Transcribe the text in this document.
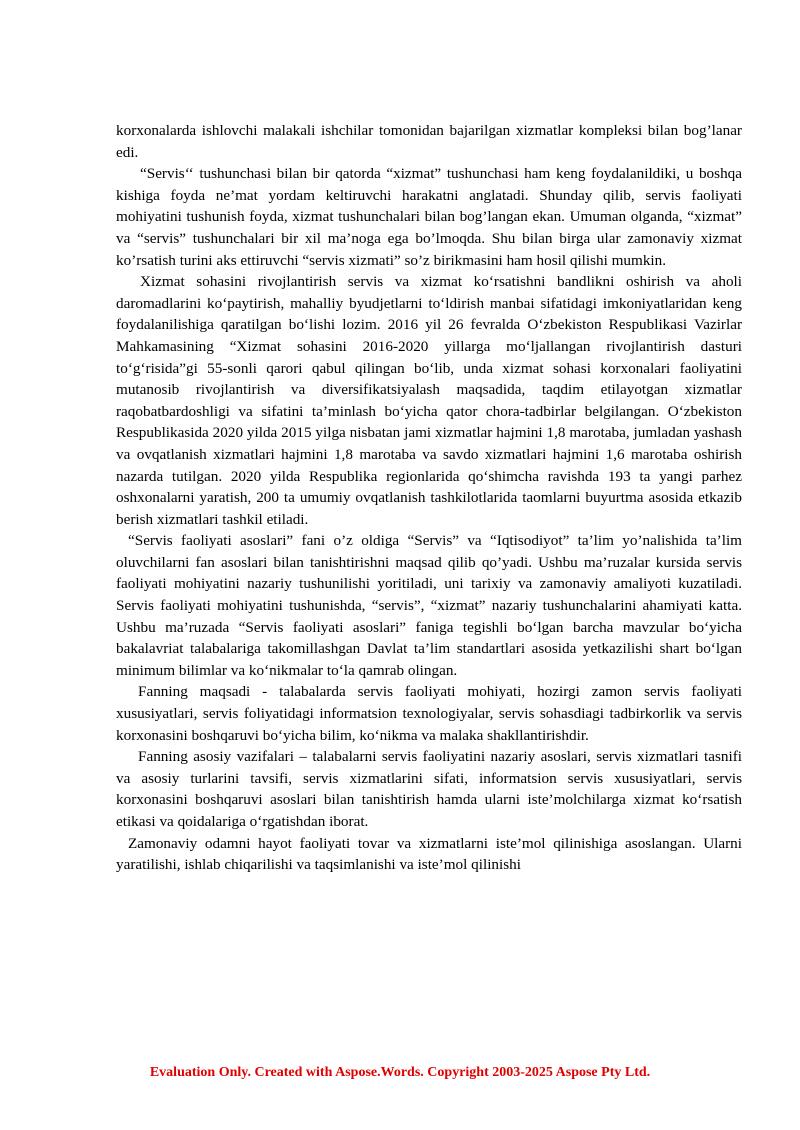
korxonalarda ishlovchi malakali ishchilar tomonidan bajarilgan xizmatlar kompleksi bilan bog’lanar edi.

“Servis‘‘ tushunchasi bilan bir qatorda “xizmat” tushunchasi ham keng foydalanildiki, u boshqa kishiga foyda ne’mat yordam keltiruvchi harakatni anglatadi. Shunday qilib, servis faoliyati mohiyatini tushunish foyda, xizmat tushunchalari bilan bog’langan ekan. Umuman olganda, “xizmat” va “servis” tushunchalari bir xil ma’noga ega bo’lmoqda. Shu bilan birga ular zamonaviy xizmat ko’rsatish turini aks ettiruvchi “servis xizmati” so’z birikmasini ham hosil qilishi mumkin.

Xizmat sohasini rivojlantirish servis va xizmat ko‘rsatishni bandlikni oshirish va aholi daromadlarini ko‘paytirish, mahalliy byudjetlarni to‘ldirish manbai sifatidagi imkoniyatlaridan keng foydalanilishiga qaratilgan bo‘lishi lozim. 2016 yil 26 fevralda O‘zbekiston Respublikasi Vazirlar Mahkamasining “Xizmat sohasini 2016-2020 yillarga mo‘ljallangan rivojlantirish dasturi to‘g‘risida”gi 55-sonli qarori qabul qilingan bo‘lib, unda xizmat sohasi korxonalari faoliyatini mutanosib rivojlantirish va diversifikatsiyalash maqsadida, taqdim etilayotgan xizmatlar raqobatbardoshligi va sifatini ta’minlash bo‘yicha qator chora-tadbirlar belgilangan. O‘zbekiston Respublikasida 2020 yilda 2015 yilga nisbatan jami xizmatlar hajmini 1,8 marotaba, jumladan yashash va ovqatlanish xizmatlari hajmini 1,8 marotaba va savdo xizmatlari hajmini 1,6 marotaba oshirish nazarda tutilgan. 2020 yilda Respublika regionlarida qo‘shimcha ravishda 193 ta yangi parhez oshxonalarni yaratish, 200 ta umumiy ovqatlanish tashkilotlarida taomlarni buyurtma asosida etkazib berish xizmatlari tashkil etiladi.

“Servis faoliyati asoslari” fani o’z oldiga “Servis” va “Iqtisodiyot” ta’lim yo’nalishida ta’lim oluvchilarni fan asoslari bilan tanishtirishni maqsad qilib qo’yadi. Ushbu ma’ruzalar kursida servis faoliyati mohiyatini nazariy tushunilishi yoritiladi, uni tarixiy va zamonaviy amaliyoti kuzatiladi. Servis faoliyati mohiyatini tushunishda, “servis”, “xizmat” nazariy tushunchalarini ahamiyati katta. Ushbu ma’ruzada “Servis faoliyati asoslari” faniga tegishli bo‘lgan barcha mavzular bo‘yicha bakalavriat talabalariga takomillashgan Davlat ta’lim standartlari asosida yetkazilishi shart bo‘lgan minimum bilimlar va ko‘nikmalar to‘la qamrab olingan.

Fanning maqsadi - talabalarda servis faoliyati mohiyati, hozirgi zamon servis faoliyati xususiyatlari, servis foliyatidagi informatsion texnologiyalar, servis sohasdiagi tadbirkorlik va servis korxonasini boshqaruvi bo‘yicha bilim, ko‘nikma va malaka shakllantirishdir.

Fanning asosiy vazifalari – talabalarni servis faoliyatini nazariy asoslari, servis xizmatlari tasnifi va asosiy turlarini tavsifi, servis xizmatlarini sifati, informatsion servis xususiyatlari, servis korxonasini boshqaruvi asoslari bilan tanishtirish hamda ularni iste’molchilarga xizmat ko‘rsatish etikasi va qoidalariga o‘rgatishdan iborat.

Zamonaviy odamni hayot faoliyati tovar va xizmatlarni iste’mol qilinishiga asoslangan. Ularni yaratilishi, ishlab chiqarilishi va taqsimlanishi va iste’mol qilinishi

Evaluation Only. Created with Aspose.Words. Copyright 2003-2025 Aspose Pty Ltd.
